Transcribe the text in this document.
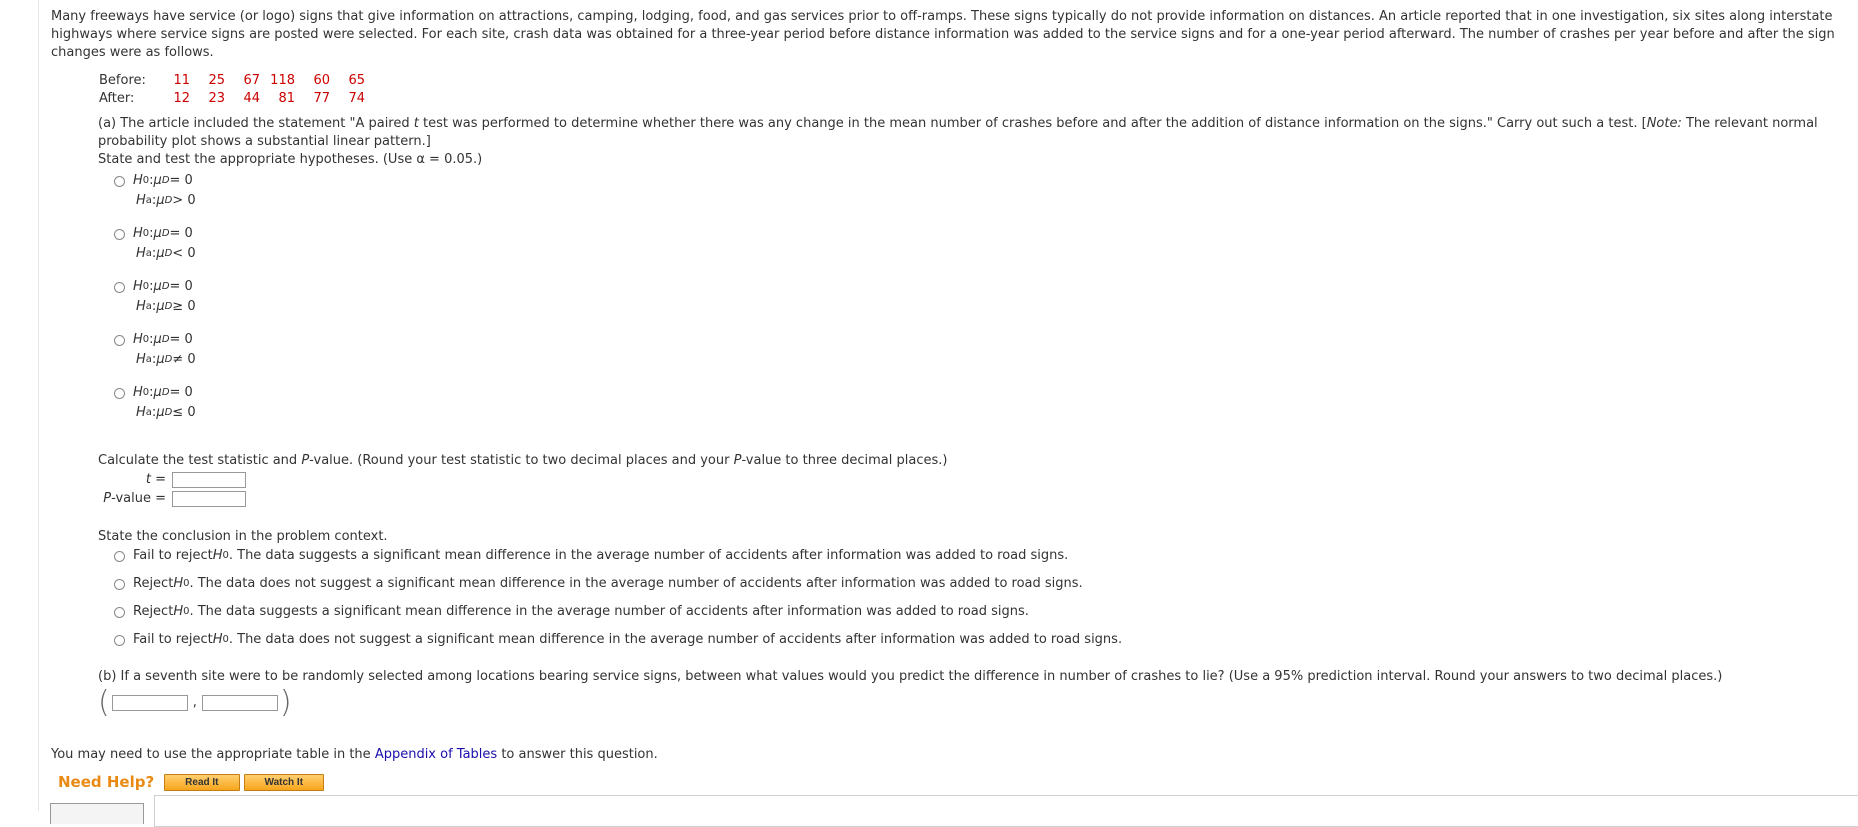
Many freeways have service (or logo) signs that give information on attractions, camping, lodging, food, and gas services prior to off-ramps. These signs typically do not provide information on distances. An article reported that in one investigation, six sites along interstate highways where service signs are posted were selected. For each site, crash data was obtained for a three-year period before distance information was added to the service signs and for a one-year period afterward. The number of crashes per year before and after the sign changes were as follows.

Before:	11	25	67	118	60	65
After:	12	23	44	81	77	74
(a) The article included the statement "A paired t test was performed to determine whether there was any change in the mean number of crashes before and after the addition of distance information on the signs." Carry out such a test. [Note: The relevant normal probability plot shows a substantial linear pattern.]
State and test the appropriate hypotheses. (Use α = 0.05.)
H 0 : μ D = 0
H a : μ D > 0
H 0 : μ D = 0
H a : μ D < 0
H 0 : μ D = 0
H a : μ D ≥ 0
H 0 : μ D = 0
H a : μ D ≠ 0
H 0 : μ D = 0
H a : μ D ≤ 0
Calculate the test statistic and P-value. (Round your test statistic to two decimal places and your P-value to three decimal places.)
t =
P-value =
State the conclusion in the problem context.
Fail to reject H 0 . The data suggests a significant mean difference in the average number of accidents after information was added to road signs.
Reject H 0 . The data does not suggest a significant mean difference in the average number of accidents after information was added to road signs.
Reject H 0 . The data suggests a significant mean difference in the average number of accidents after information was added to road signs.
Fail to reject H 0 . The data does not suggest a significant mean difference in the average number of accidents after information was added to road signs.
(b) If a seventh site were to be randomly selected among locations bearing service signs, between what values would you predict the difference in number of crashes to lie? (Use a 95% prediction interval. Round your answers to two decimal places.)
(	,	)
You may need to use the appropriate table in the Appendix of Tables to answer this question.
Need Help?	Read It	Watch It
